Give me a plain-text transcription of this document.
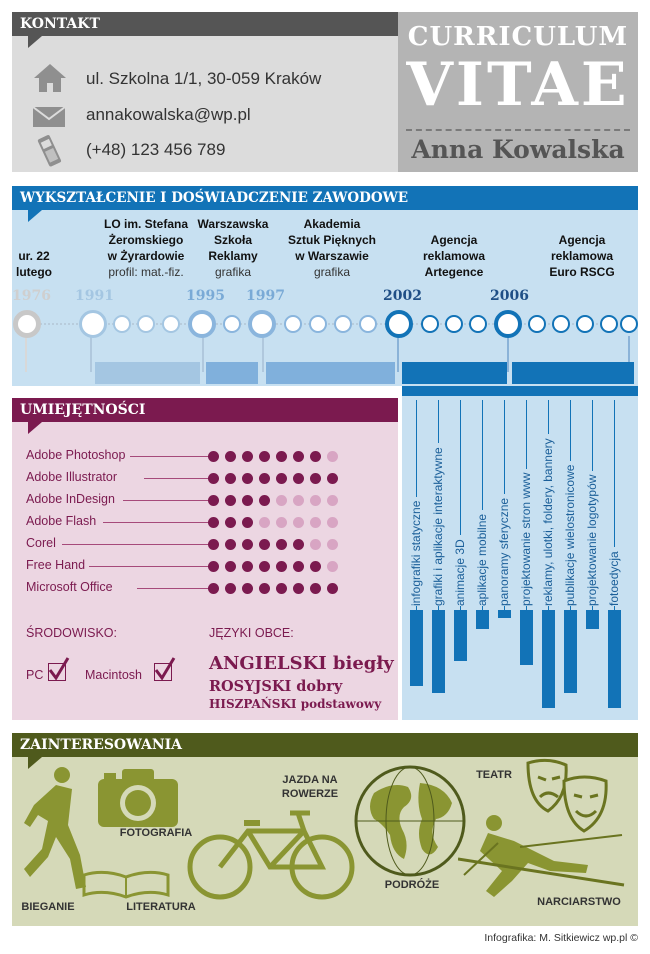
KONTAKT
ul. Szkolna 1/1, 30-059 Kraków
annakowalska@wp.pl
(+48) 123 456 789
CURRICULUM
VITAE
Anna Kowalska
WYKSZTAŁCENIE I DOŚWIADCZENIE ZAWODOWE
ur. 22
lutego
LO im. Stefana
Żeromskiego
w Żyrardowie
profil: mat.-fiz.
Warszawska
Szkoła
Reklamy
grafika
Akademia
Sztuk Pięknych
w Warszawie
grafika
Agencja
reklamowa
Artegence
Agencja
reklamowa
Euro RSCG
1976 1991	1995 1997	2002	2006
infografiki statyczne grafiki i aplikacje interaktywne animacje 3D aplikacje mobilne panoramy sferyczne projektowanie stron www reklamy, ulotki, foldery, bannery publikacje wielostronicowe projektowanie logotypów fotoedycja
UMIEJĘTNOŚCI
Adobe Photoshop
Adobe Illustrator
Adobe InDesign
Adobe Flash
Corel
Free Hand
Microsoft Office
ŚRODOWISKO:	JĘZYKI OBCE:
PC	Macintosh
ANGIELSKI biegły
ROSYJSKI dobry
HISZPAŃSKI podstawowy
ZAINTERESOWANIA
BIEGANIE
FOTOGRAFIA
LITERATURA
JAZDA NA
ROWERZE
PODRÓŻE
TEATR
NARCIARSTWO
Infografika: M. Sitkiewicz wp.pl ©
